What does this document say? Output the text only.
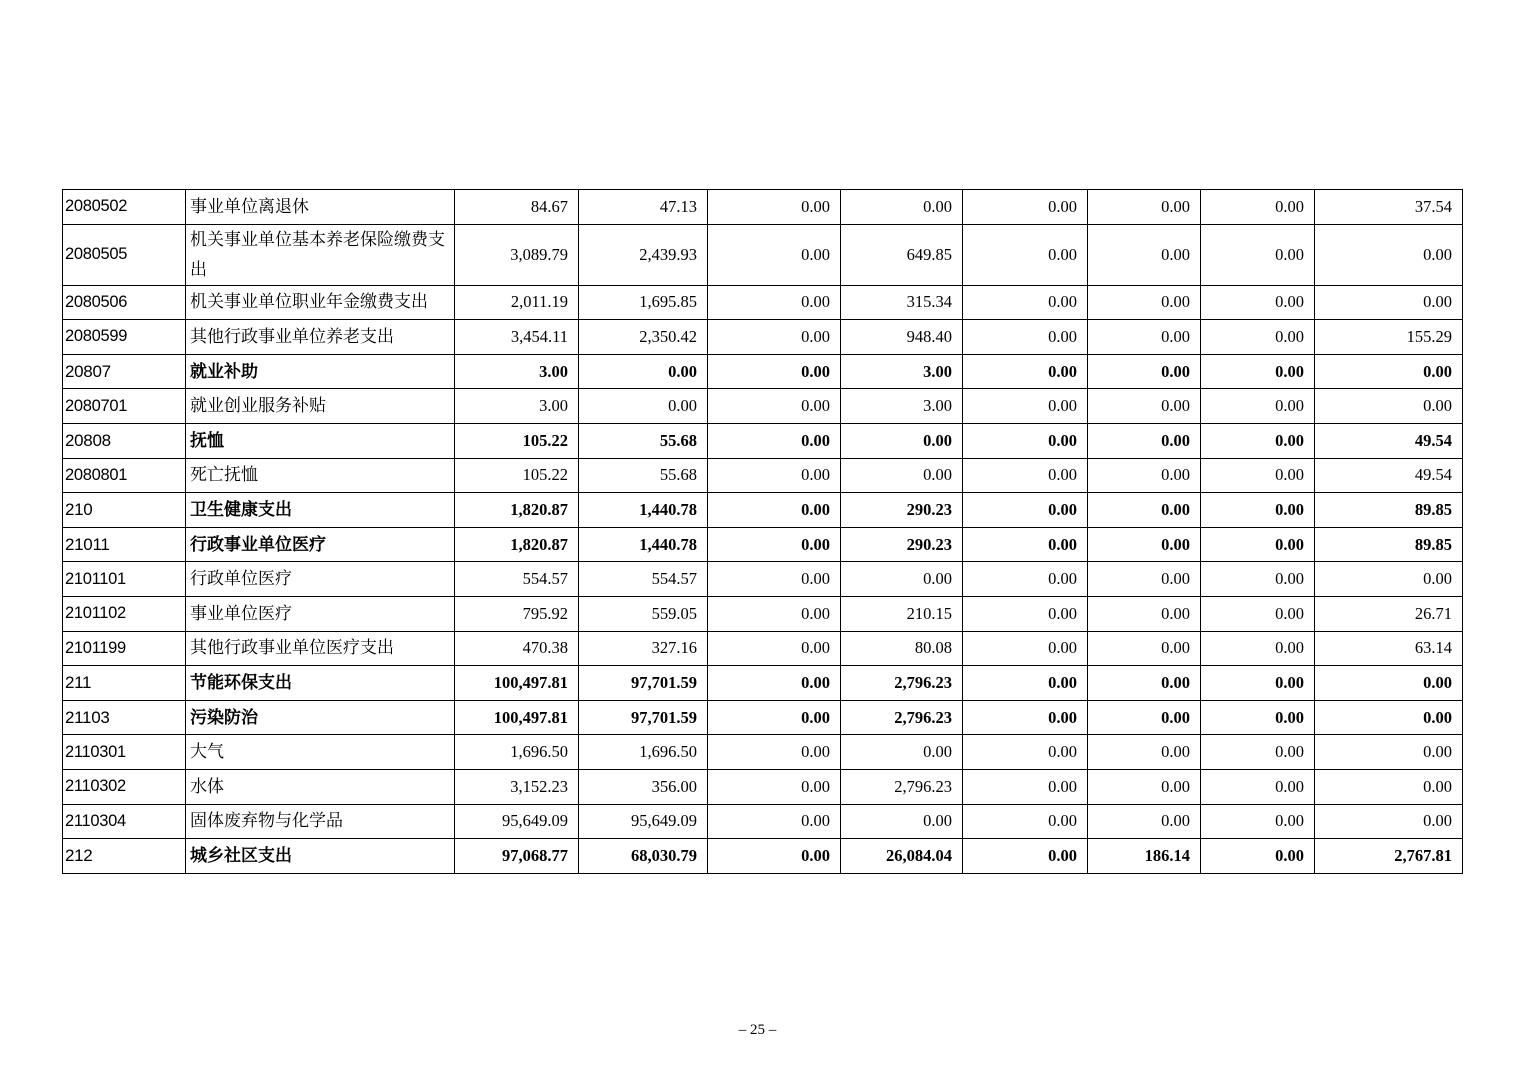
2080502	事业单位离退休	84.67	47.13	0.00	0.00	0.00	0.00	0.00	37.54
2080505	机关事业单位基本养老保险缴费支出	3,089.79	2,439.93	0.00	649.85	0.00	0.00	0.00	0.00
2080506	机关事业单位职业年金缴费支出	2,011.19	1,695.85	0.00	315.34	0.00	0.00	0.00	0.00
2080599	其他行政事业单位养老支出	3,454.11	2,350.42	0.00	948.40	0.00	0.00	0.00	155.29
20807	就业补助	3.00	0.00	0.00	3.00	0.00	0.00	0.00	0.00
2080701	就业创业服务补贴	3.00	0.00	0.00	3.00	0.00	0.00	0.00	0.00
20808	抚恤	105.22	55.68	0.00	0.00	0.00	0.00	0.00	49.54
2080801	死亡抚恤	105.22	55.68	0.00	0.00	0.00	0.00	0.00	49.54
210	卫生健康支出	1,820.87	1,440.78	0.00	290.23	0.00	0.00	0.00	89.85
21011	行政事业单位医疗	1,820.87	1,440.78	0.00	290.23	0.00	0.00	0.00	89.85
2101101	行政单位医疗	554.57	554.57	0.00	0.00	0.00	0.00	0.00	0.00
2101102	事业单位医疗	795.92	559.05	0.00	210.15	0.00	0.00	0.00	26.71
2101199	其他行政事业单位医疗支出	470.38	327.16	0.00	80.08	0.00	0.00	0.00	63.14
211	节能环保支出	100,497.81	97,701.59	0.00	2,796.23	0.00	0.00	0.00	0.00
21103	污染防治	100,497.81	97,701.59	0.00	2,796.23	0.00	0.00	0.00	0.00
2110301	大气	1,696.50	1,696.50	0.00	0.00	0.00	0.00	0.00	0.00
2110302	水体	3,152.23	356.00	0.00	2,796.23	0.00	0.00	0.00	0.00
2110304	固体废弃物与化学品	95,649.09	95,649.09	0.00	0.00	0.00	0.00	0.00	0.00
212	城乡社区支出	97,068.77	68,030.79	0.00	26,084.04	0.00	186.14	0.00	2,767.81
– 25 –
